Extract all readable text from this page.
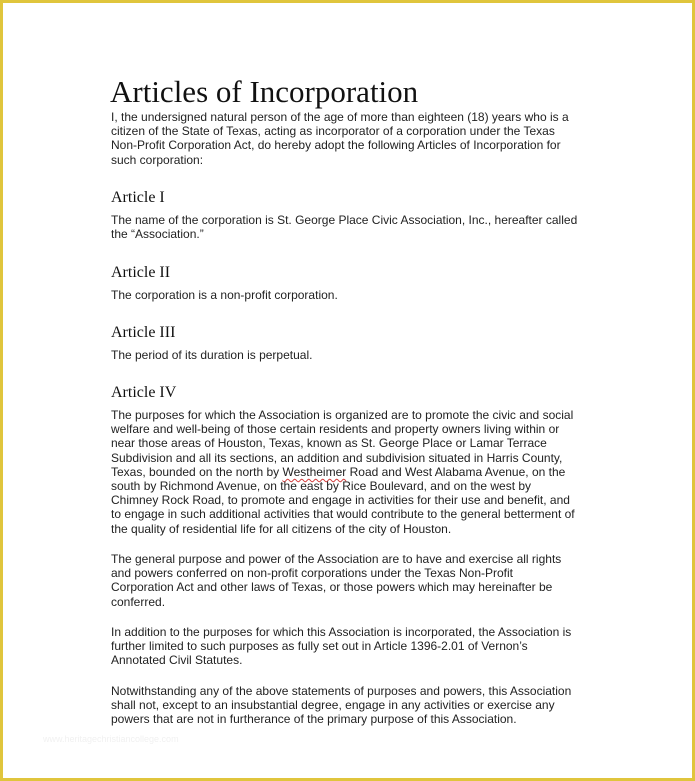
Articles of Incorporation
I, the undersigned natural person of the age of more than eighteen (18) years who is a
citizen of the State of Texas, acting as incorporator of a corporation under the Texas
Non-Profit Corporation Act, do hereby adopt the following Articles of Incorporation for
such corporation:
Article I
The name of the corporation is St. George Place Civic Association, Inc., hereafter called
the “Association.”
Article II
The corporation is a non-profit corporation.
Article III
The period of its duration is perpetual.
Article IV
The purposes for which the Association is organized are to promote the civic and social
welfare and well-being of those certain residents and property owners living within or
near those areas of Houston, Texas, known as St. George Place or Lamar Terrace
Subdivision and all its sections, an addition and subdivision situated in Harris County,
Texas, bounded on the north by Westheimer Road and West Alabama Avenue, on the
south by Richmond Avenue, on the east by Rice Boulevard, and on the west by
Chimney Rock Road, to promote and engage in activities for their use and benefit, and
to engage in such additional activities that would contribute to the general betterment of
the quality of residential life for all citizens of the city of Houston.
The general purpose and power of the Association are to have and exercise all rights
and powers conferred on non-profit corporations under the Texas Non-Profit
Corporation Act and other laws of Texas, or those powers which may hereinafter be
conferred.
In addition to the purposes for which this Association is incorporated, the Association is
further limited to such purposes as fully set out in Article 1396-2.01 of Vernon’s
Annotated Civil Statutes.
Notwithstanding any of the above statements of purposes and powers, this Association
shall not, except to an insubstantial degree, engage in any activities or exercise any
powers that are not in furtherance of the primary purpose of this Association.
www.heritagechristiancollege.com
